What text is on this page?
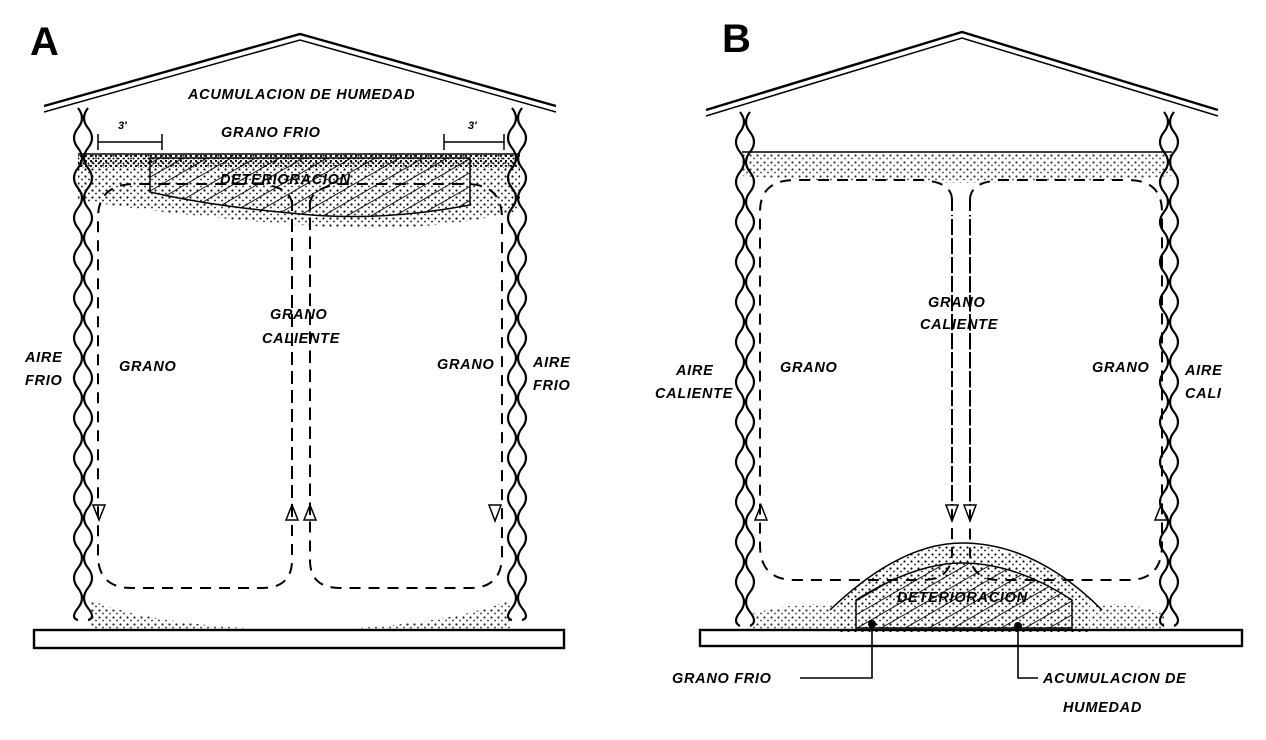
A
ACUMULACION DE HUMEDAD
GRANO FRIO
3'	3'
DETERIORACION
GRANO
CALIENTE
GRANO	GRANO
AIRE
FRIO
AIRE
FRIO
B
GRANO
CALIENTE
GRANO	GRANO
AIRE
CALIENTE
AIRE
CALI
DETERIORACION
GRANO FRIO	ACUMULACION DE
HUMEDAD
